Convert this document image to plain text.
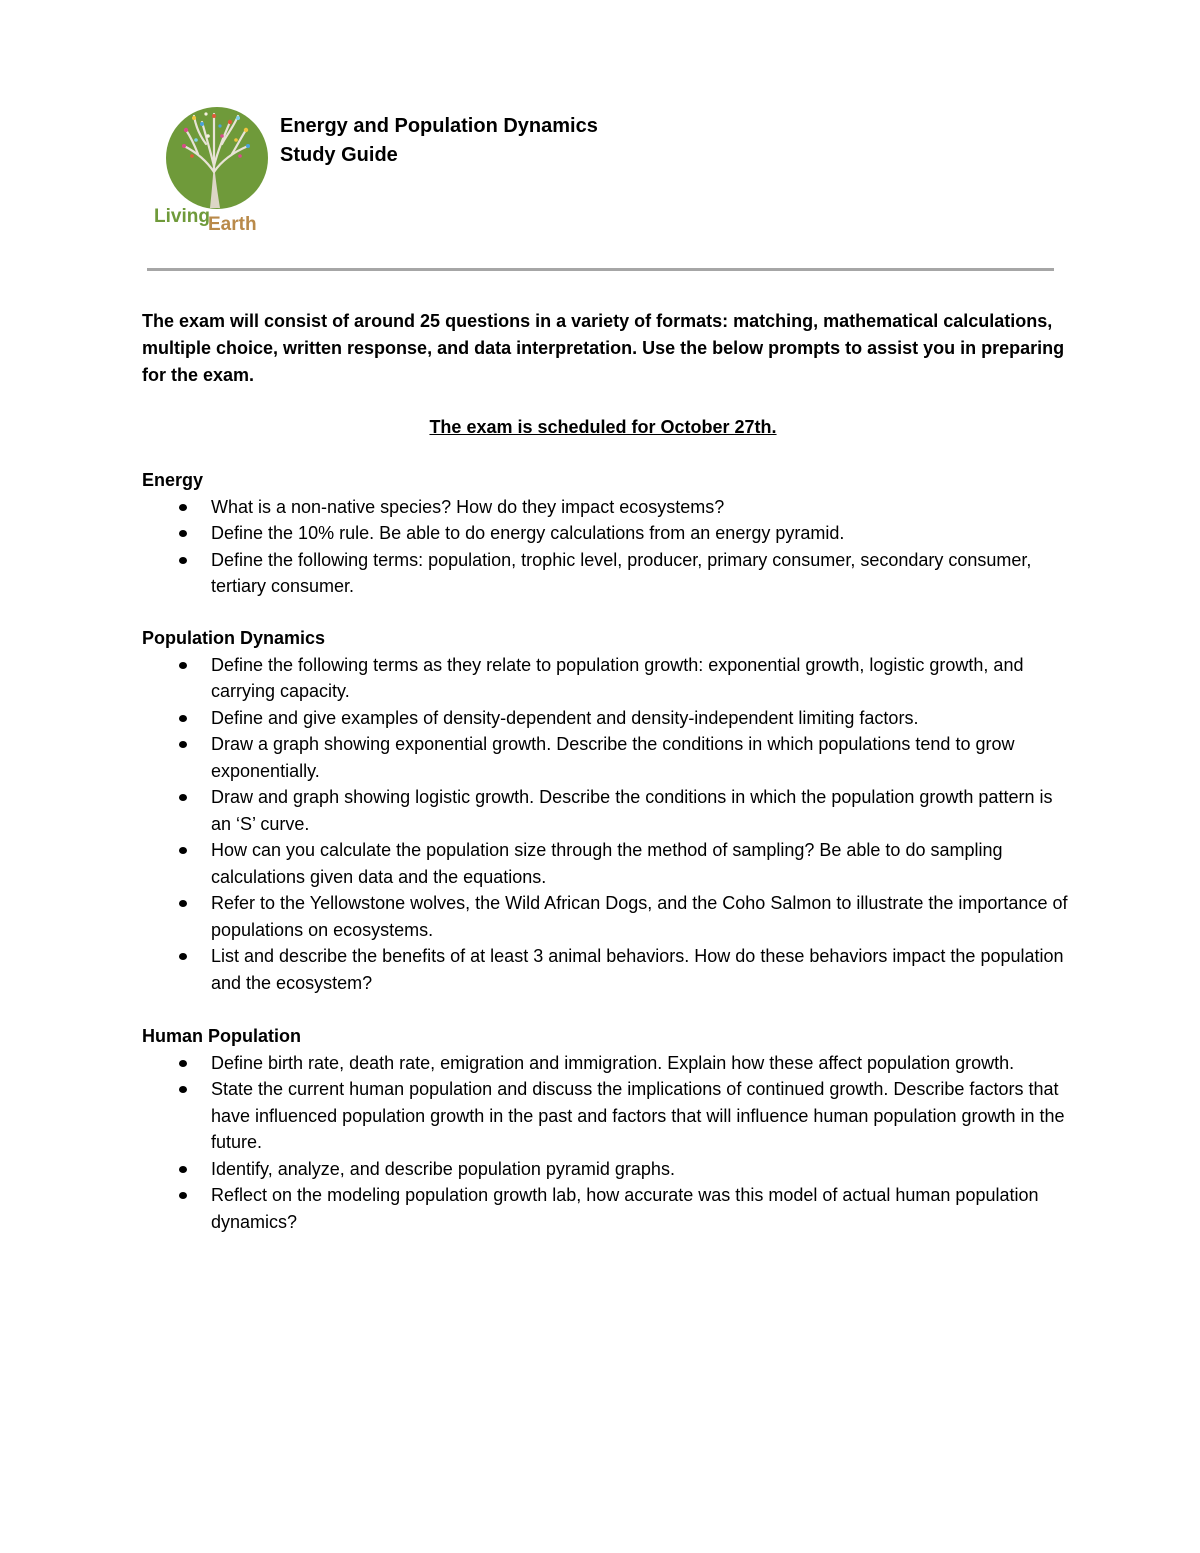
Living
Earth
Energy and Population Dynamics
Study Guide
The exam will consist of around 25 questions in a variety of formats: matching, mathematical calculations, multiple choice, written response, and data interpretation. Use the below prompts to assist you in preparing for the exam.
The exam is scheduled for October 27th.
Energy
What is a non-native species? How do they impact ecosystems?
Define the 10% rule. Be able to do energy calculations from an energy pyramid.
Define the following terms: population, trophic level, producer, primary consumer, secondary consumer, tertiary consumer.
Population Dynamics
Define the following terms as they relate to population growth: exponential growth, logistic growth, and carrying capacity.
Define and give examples of density-dependent and density-independent limiting factors.
Draw a graph showing exponential growth. Describe the conditions in which populations tend to grow exponentially.
Draw and graph showing logistic growth. Describe the conditions in which the population growth pattern is an ‘S’ curve.
How can you calculate the population size through the method of sampling? Be able to do sampling calculations given data and the equations.
Refer to the Yellowstone wolves, the Wild African Dogs, and the Coho Salmon to illustrate the importance of populations on ecosystems.
List and describe the benefits of at least 3 animal behaviors. How do these behaviors impact the population and the ecosystem?
Human Population
Define birth rate, death rate, emigration and immigration. Explain how these affect population growth.
State the current human population and discuss the implications of continued growth. Describe factors that have influenced population growth in the past and factors that will influence human population growth in the future.
Identify, analyze, and describe population pyramid graphs.
Reflect on the modeling population growth lab, how accurate was this model of actual human population dynamics?
